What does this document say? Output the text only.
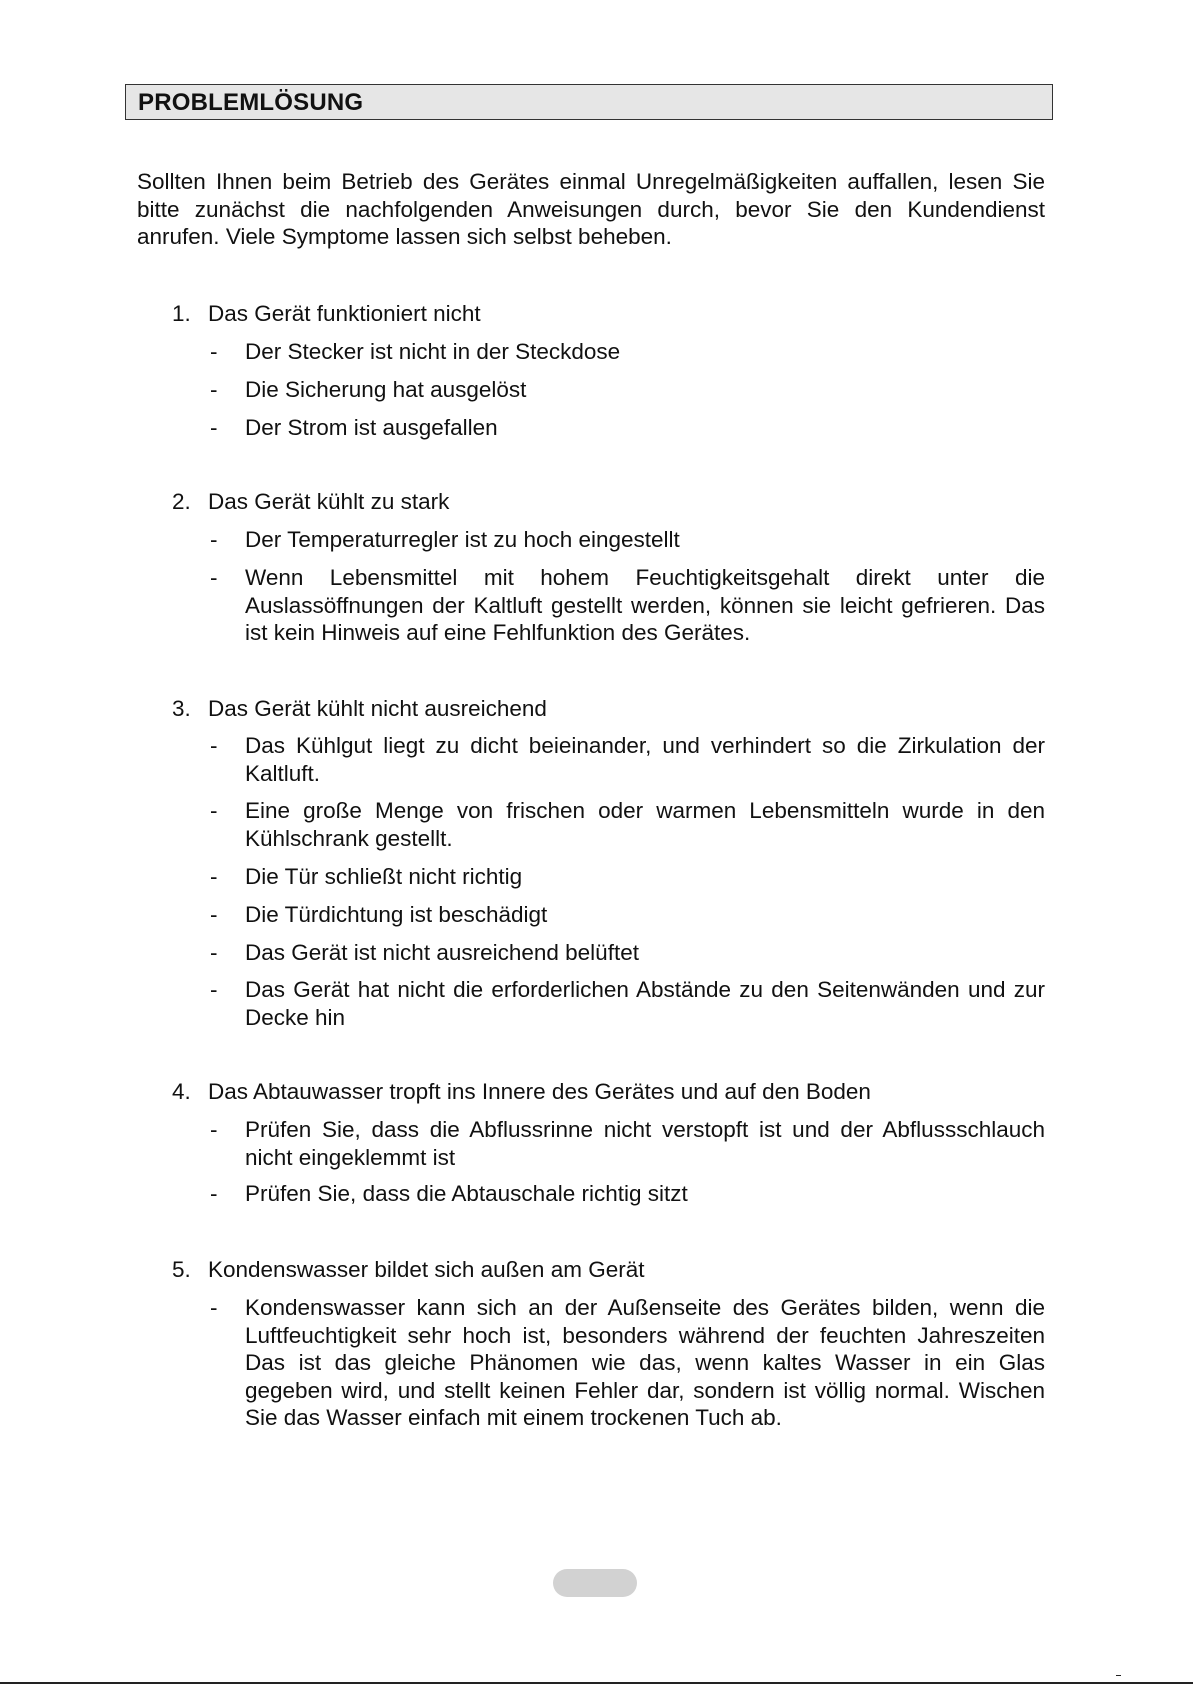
PROBLEMLÖSUNG

Sollten Ihnen beim Betrieb des Gerätes einmal Unregelmäßigkeiten auffallen, lesen Sie bitte zunächst die nachfolgenden Anweisungen durch, bevor Sie den Kundendienst anrufen. Viele Symptome lassen sich selbst beheben.

1. Das Gerät funktioniert nicht
- Der Stecker ist nicht in der Steckdose

- Die Sicherung hat ausgelöst

- Der Strom ist ausgefallen

2. Das Gerät kühlt zu stark
- Der Temperaturregler ist zu hoch eingestellt

- Wenn Lebensmittel mit hohem Feuchtigkeitsgehalt direkt unter die Auslassöffnungen der Kaltluft gestellt werden, können sie leicht gefrieren. Das ist kein Hinweis auf eine Fehlfunktion des Gerätes.

3. Das Gerät kühlt nicht ausreichend
- Das Kühlgut liegt zu dicht beieinander, und verhindert so die Zirkulation der Kaltluft.

- Eine große Menge von frischen oder warmen Lebensmitteln wurde in den Kühlschrank gestellt.

- Die Tür schließt nicht richtig

- Die Türdichtung ist beschädigt

- Das Gerät ist nicht ausreichend belüftet

- Das Gerät hat nicht die erforderlichen Abstände zu den Seitenwänden und zur Decke hin

4. Das Abtauwasser tropft ins Innere des Gerätes und auf den Boden
- Prüfen Sie, dass die Abflussrinne nicht verstopft ist und der Abflussschlauch nicht eingeklemmt ist

- Prüfen Sie, dass die Abtauschale richtig sitzt

5. Kondenswasser bildet sich außen am Gerät
- Kondenswasser kann sich an der Außenseite des Gerätes bilden, wenn die Luftfeuchtigkeit sehr hoch ist, besonders während der feuchten Jahreszeiten Das ist das gleiche Phänomen wie das, wenn kaltes Wasser in ein Glas gegeben wird, und stellt keinen Fehler dar, sondern ist völlig normal. Wischen Sie das Wasser einfach mit einem trockenen Tuch ab.
